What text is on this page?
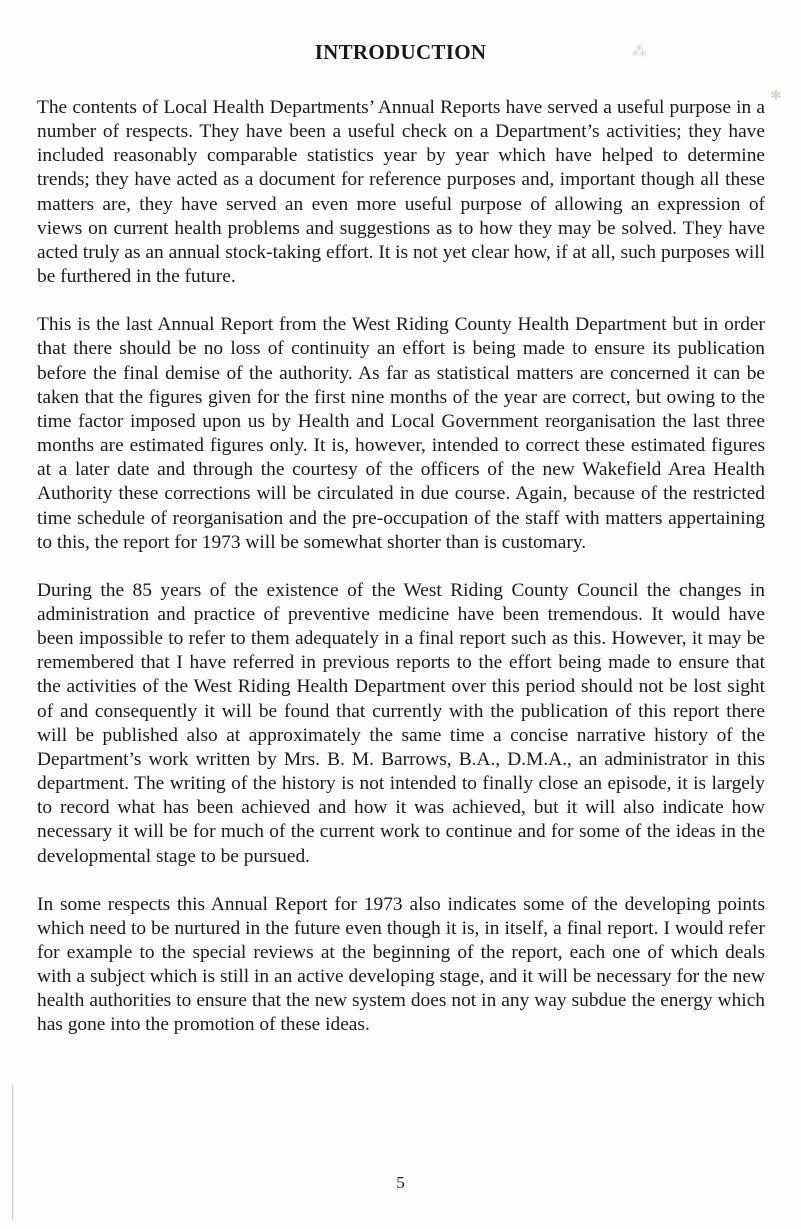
⁂
✱
INTRODUCTION

The contents of Local Health Departments’ Annual Reports have served a useful purpose in a number of respects. They have been a useful check on a Department’s activities; they have included reasonably comparable statistics year by year which have helped to determine trends; they have acted as a document for reference purposes and, important though all these matters are, they have served an even more useful purpose of allowing an expression of views on current health problems and suggestions as to how they may be solved. They have acted truly as an annual stock-taking effort. It is not yet clear how, if at all, such purposes will be furthered in the future.

This is the last Annual Report from the West Riding County Health Department but in order that there should be no loss of continuity an effort is being made to ensure its publication before the final demise of the authority. As far as statistical matters are concerned it can be taken that the figures given for the first nine months of the year are correct, but owing to the time factor imposed upon us by Health and Local Government reorganisation the last three months are estimated figures only. It is, however, intended to correct these estimated figures at a later date and through the courtesy of the officers of the new Wakefield Area Health Authority these corrections will be circulated in due course. Again, because of the restricted time schedule of reorganisation and the pre-occupation of the staff with matters appertaining to this, the report for 1973 will be somewhat shorter than is customary.

During the 85 years of the existence of the West Riding County Council the changes in administration and practice of preventive medicine have been tremendous. It would have been impossible to refer to them adequately in a final report such as this. However, it may be remembered that I have referred in previous reports to the effort being made to ensure that the activities of the West Riding Health Department over this period should not be lost sight of and consequently it will be found that currently with the publication of this report there will be published also at approximately the same time a concise narrative history of the Department’s work written by Mrs. B. M. Barrows, B.A., D.M.A., an administrator in this department. The writing of the history is not intended to finally close an episode, it is largely to record what has been achieved and how it was achieved, but it will also indicate how necessary it will be for much of the current work to continue and for some of the ideas in the developmental stage to be pursued.

In some respects this Annual Report for 1973 also indicates some of the developing points which need to be nurtured in the future even though it is, in itself, a final report. I would refer for example to the special reviews at the beginning of the report, each one of which deals with a subject which is still in an active developing stage, and it will be necessary for the new health authorities to ensure that the new system does not in any way subdue the energy which has gone into the promotion of these ideas.

5
